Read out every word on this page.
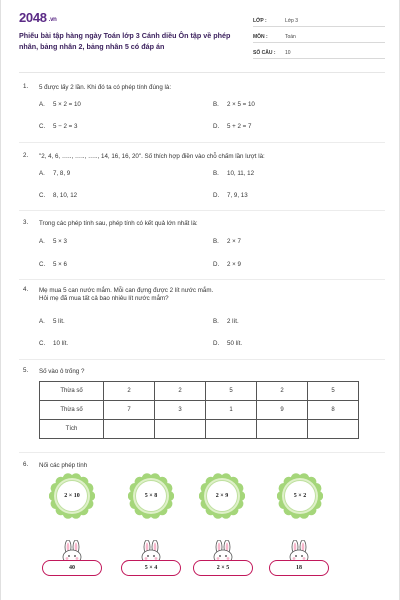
2048 .vn
Phiếu bài tập hàng ngày Toán lớp 3 Cánh diều Ôn tập về phép nhân, bảng nhân 2, bảng nhân 5 có đáp án
LỚP :	Lớp 3
MÔN :	Toán
SỐ CÂU :	10
1. 5 được lấy 2 lần. Khi đó ta có phép tính đúng là:
A. 5 × 2 = 10	B. 2 × 5 = 10
C. 5 − 2 = 3	D. 5 + 2 = 7
2. "2, 4, 6, ….., ….., ….., 14, 16, 16, 20". Số thích hợp điền vào chỗ chấm lần lượt là:
A. 7, 8, 9	B. 10, 11, 12
C. 8, 10, 12	D. 7, 9, 13
3. Trong các phép tính sau, phép tính có kết quả lớn nhất là:
A. 5 × 3	B. 2 × 7
C. 5 × 6	D. 2 × 9
4. Mẹ mua 5 can nước mắm. Mỗi can đựng được 2 lít nước mắm.
Hỏi mẹ đã mua tất cả bao nhiêu lít nước mắm?
A. 5 lít.	B. 2 lít.
C. 10 lít.	D. 50 lít.
5. Số vào ô trống ?
Thừa số	2	2	5	2	5
Thừa số	7	3	1	9	8
Tích					
6. Nối các phép tính
2 × 10	5 × 8	2 × 9	5 × 2
40	5 × 4	2 × 5	18
